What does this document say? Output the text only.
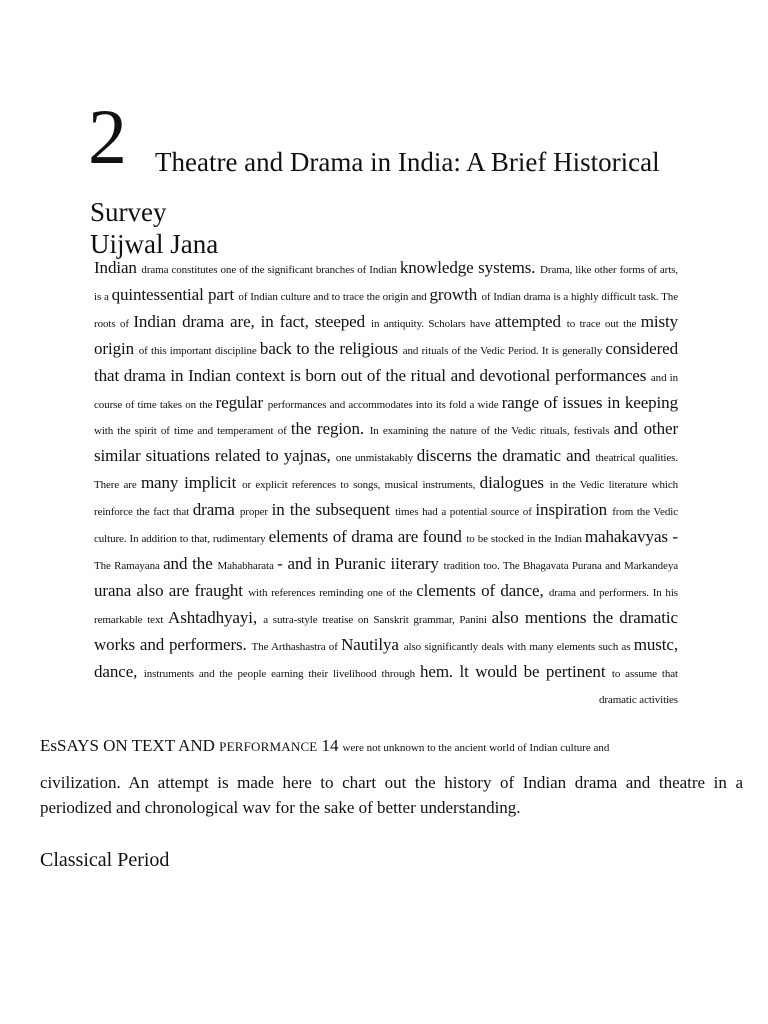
2 Theatre and Drama in India: A Brief Historical
Survey
Uijwal Jana
Indian drama constitutes one of the significant branches of Indian knowledge systems. Drama, like other forms of arts, is a quintessential part of Indian culture and to trace the origin and growth of Indian drama is a highly difficult task. The roots of Indian drama are, in fact, steeped in antiquity. Scholars have attempted to trace out the misty origin of this important discipline back to the religious and rituals of the Vedic Period. It is generally considered that drama in Indian context is born out of the ritual and devotional performances and in course of time takes on the regular performances and accommodates into its fold a wide range of issues in keeping with the spirit of time and temperament of the region. In examining the nature of the Vedic rituals, festivals and other similar situations related to yajnas, one unmistakably discerns the dramatic and theatrical qualities. There are many implicit or explicit references to songs, musical instruments, dialogues in the Vedic literature which reinforce the fact that drama proper in the subsequent times had a potential source of inspiration from the Vedic culture. In addition to that, rudimentary elements of drama are found to be stocked in the Indian mahakavyas - The Ramayana and the Mahabharata - and in Puranic iiterary tradition too. The Bhagavata Purana and Markandeya urana also are fraught with references reminding one of the clements of dance, drama and performers. In his remarkable text Ashtadhyayi, a sutra-style treatise on Sanskrit grammar, Panini also mentions the dramatic works and performers. The Arthashastra of Nautilya also significantly deals with many elements such as mustc, dance, instruments and the people earning their livelihood through hem. lt would be pertinent to assume that dramatic activities
EsSAYS ON TEXT AND PERFORMANCE 14 were not unknown to the ancient world of Indian culture and
civilization. An attempt is made here to chart out the history of Indian drama and theatre in a periodized and chronological wav for the sake of better understanding.
Classical Period
